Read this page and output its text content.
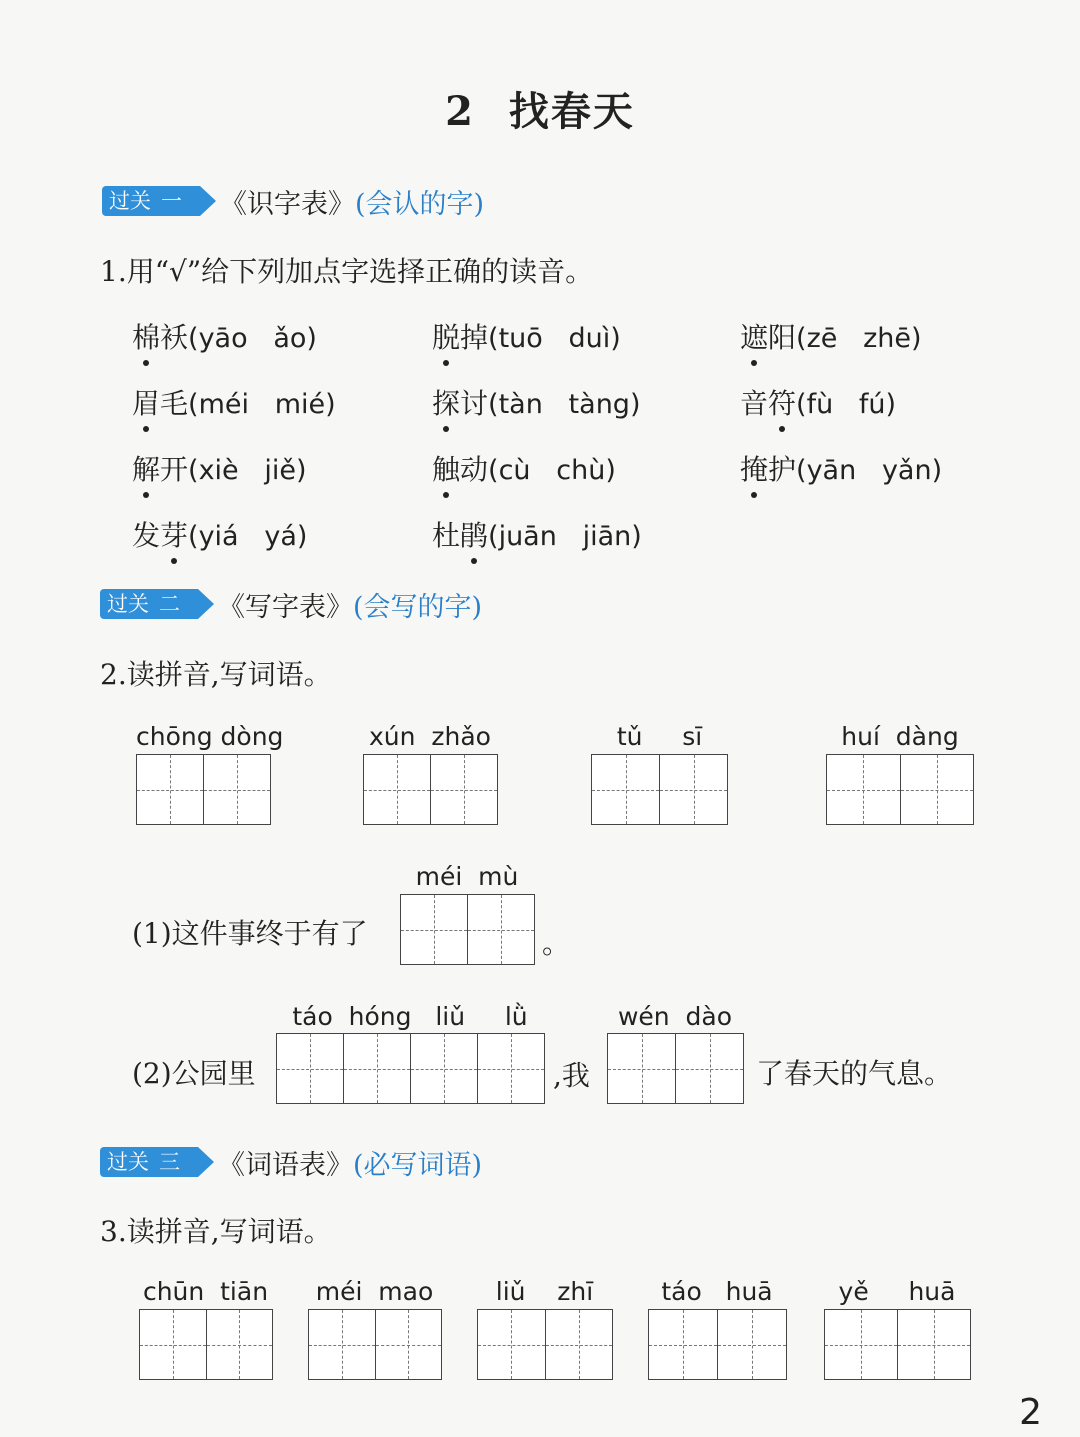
2 找春天
过关 一	《识字表》 (会认的字)
1.用“√”给下列加点字选择正确的读音。
棉袄(yāo   ǎo)	脱掉(tuō   duì)	遮阳(zē   zhē)
眉毛(méi   mié)	探讨(tàn   tàng)	音符(fù   fú)
解开(xiè   jiě)	触动(cù   chù)	掩护(yān   yǎn)
发芽(yiá   yá)	杜鹃(juān   jiān)
过关 二	《写字表》 (会写的字)
2.读拼音,写词语。
chōng dòng	xún  zhǎo	tǔ     sī	huí  dàng
(1)这件事终于有了
méi  mù
。
(2)公园里
táo  hóng   liǔ     lǜ
,我
wén  dào
了春天的气息。
过关 三	《词语表》 (必写词语)
3.读拼音,写词语。
chūn  tiān	méi  mao	liǔ    zhī	táo   huā	yě     huā
2
